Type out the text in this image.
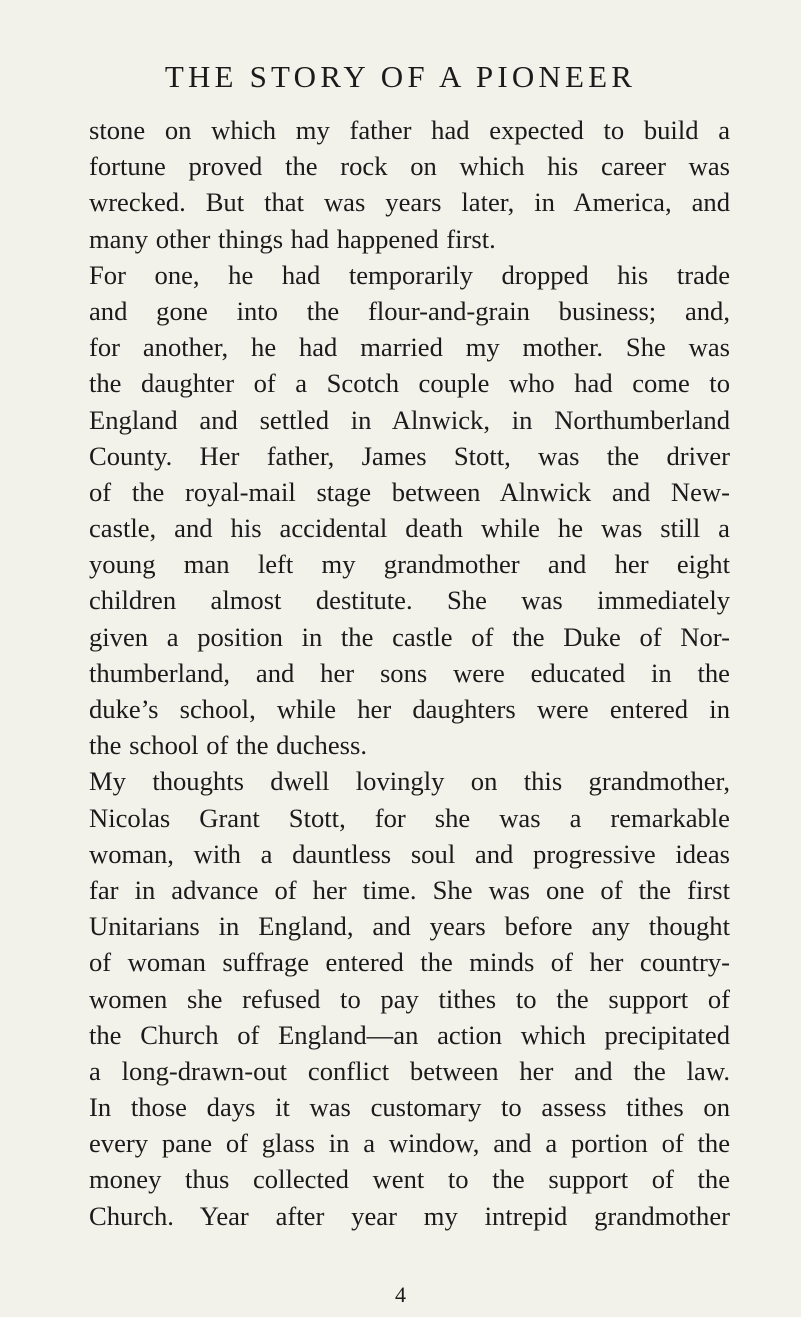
THE STORY OF A PIONEER
stone on which my father had expected to build a
fortune proved the rock on which his career was
wrecked. But that was years later, in America, and
many other things had happened first.
For one, he had temporarily dropped his trade
and gone into the flour-and-grain business; and,
for another, he had married my mother. She was
the daughter of a Scotch couple who had come to
England and settled in Alnwick, in Northumberland
County. Her father, James Stott, was the driver
of the royal-mail stage between Alnwick and New-
castle, and his accidental death while he was still a
young man left my grandmother and her eight
children almost destitute. She was immediately
given a position in the castle of the Duke of Nor-
thumberland, and her sons were educated in the
duke’s school, while her daughters were entered in
the school of the duchess.
My thoughts dwell lovingly on this grandmother,
Nicolas Grant Stott, for she was a remarkable
woman, with a dauntless soul and progressive ideas
far in advance of her time. She was one of the first
Unitarians in England, and years before any thought
of woman suffrage entered the minds of her country-
women she refused to pay tithes to the support of
the Church of England—an action which precipitated
a long-drawn-out conflict between her and the law.
In those days it was customary to assess tithes on
every pane of glass in a window, and a portion of the
money thus collected went to the support of the
Church. Year after year my intrepid grandmother
4
